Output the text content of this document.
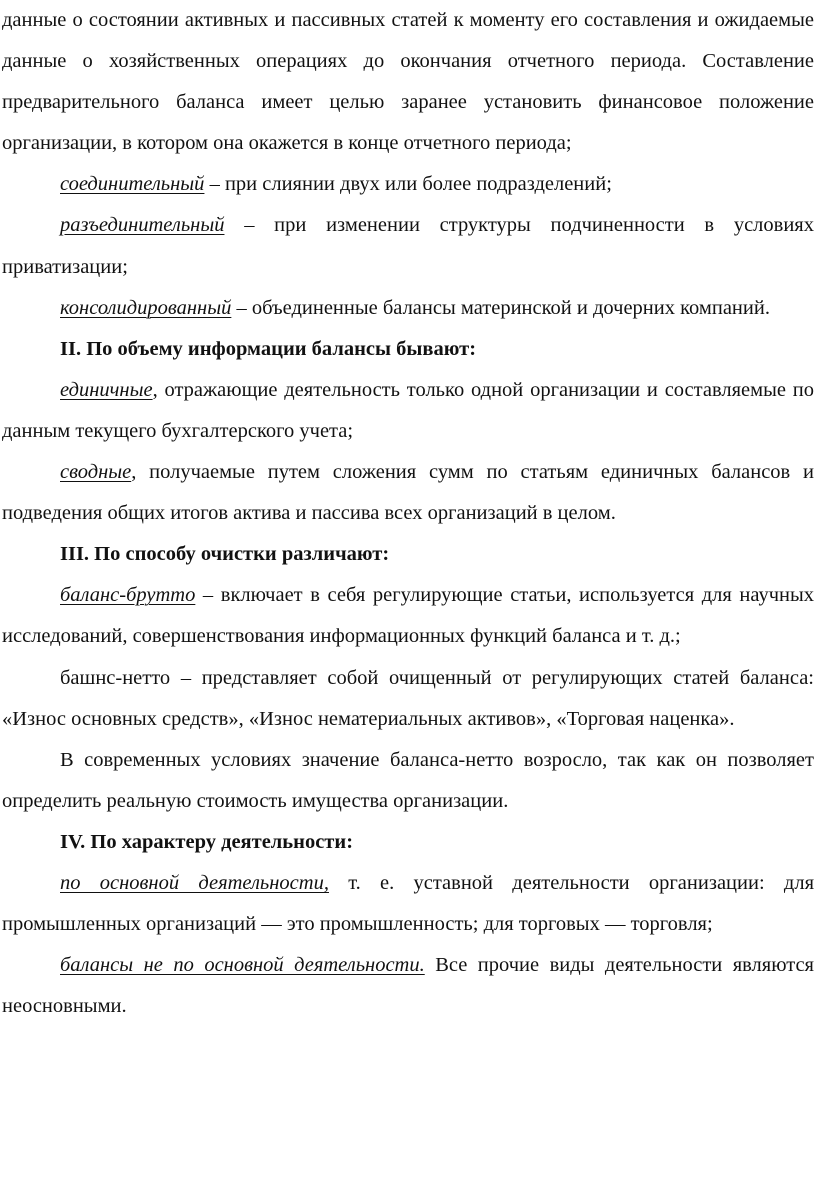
данные о состоянии активных и пассивных статей к моменту его составления и ожидаемые данные о хозяйственных операциях до окончания отчетного периода. Составление предварительного баланса имеет целью заранее установить финансовое положение организации, в котором она окажется в конце отчетного периода;

соединительный – при слиянии двух или более подразделений;

разъединительный – при изменении структуры подчиненности в условиях приватизации;

консолидированный – объединенные балансы материнской и дочерних компаний.

II. По объему информации балансы бывают:

единичные, отражающие деятельность только одной организации и составляемые по данным текущего бухгалтерского учета;

сводные, получаемые путем сложения сумм по статьям единичных балансов и подведения общих итогов актива и пассива всех организаций в целом.

III. По способу очистки различают:

баланс-брутто – включает в себя регулирующие статьи, используется для научных исследований, совершенствования информационных функций баланса и т. д.;

башнс-нетто – представляет собой очищенный от регулирующих статей баланса: «Износ основных средств», «Износ нематериальных активов», «Торговая наценка».

В современных условиях значение баланса-нетто возросло, так как он позволяет определить реальную стоимость имущества организации.

IV. По характеру деятельности:

по основной деятельности, т. е. уставной деятельности организации: для промышленных организаций — это промышленность; для торговых — торговля;

балансы не по основной деятельности. Все прочие виды деятельности являются неосновными.
